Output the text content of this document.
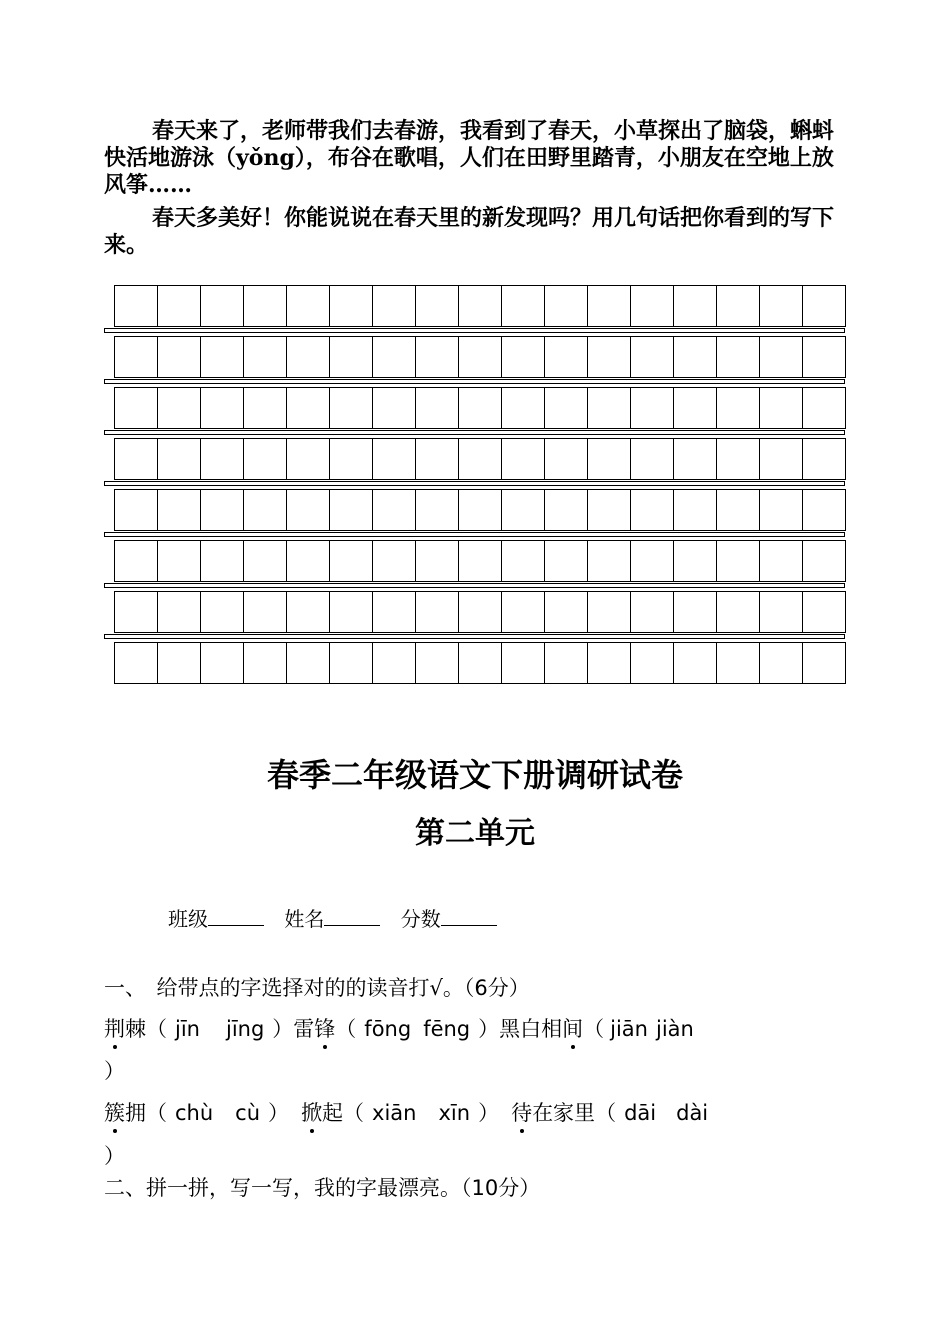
春天来了，老师带我们去春游，我看到了春天，小草探出了脑袋，蝌蚪快活地游泳（yǒng），布谷在歌唱，人们在田野里踏青，小朋友在空地上放风筝……
春天多美好！你能说说在春天里的新发现吗？用几句话把你看到的写下来。
春季二年级语文下册调研试卷
第二单元
班级	姓名	分数
一、　给带点的字选择对的的读音打√。（6分）
荆棘（ jīn jīng ）雷锋（ fōng fēng ）黑白相间（ jiān jiàn
）
簇拥（ chù cù ） 掀起（ xiān xīn ） 待在家里（ dāi dài
）
二、拼一拼，写一写，我的字最漂亮。（10分）
